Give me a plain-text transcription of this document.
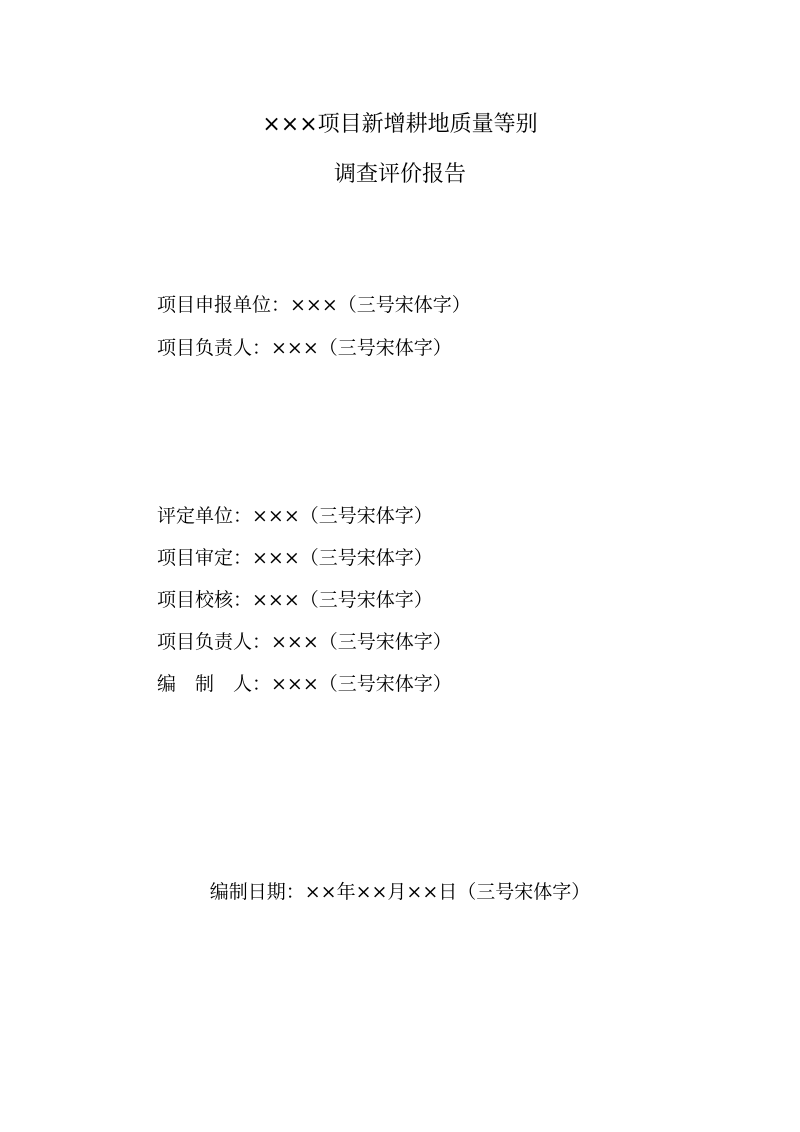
×××项目新增耕地质量等别
调查评价报告
项目申报单位：×××（三号宋体字）
项目负责人：×××（三号宋体字）
评定单位：×××（三号宋体字）
项目审定：×××（三号宋体字）
项目校核：×××（三号宋体字）
项目负责人：×××（三号宋体字）
编　制　人：×××（三号宋体字）
编制日期：××年××月××日（三号宋体字）
